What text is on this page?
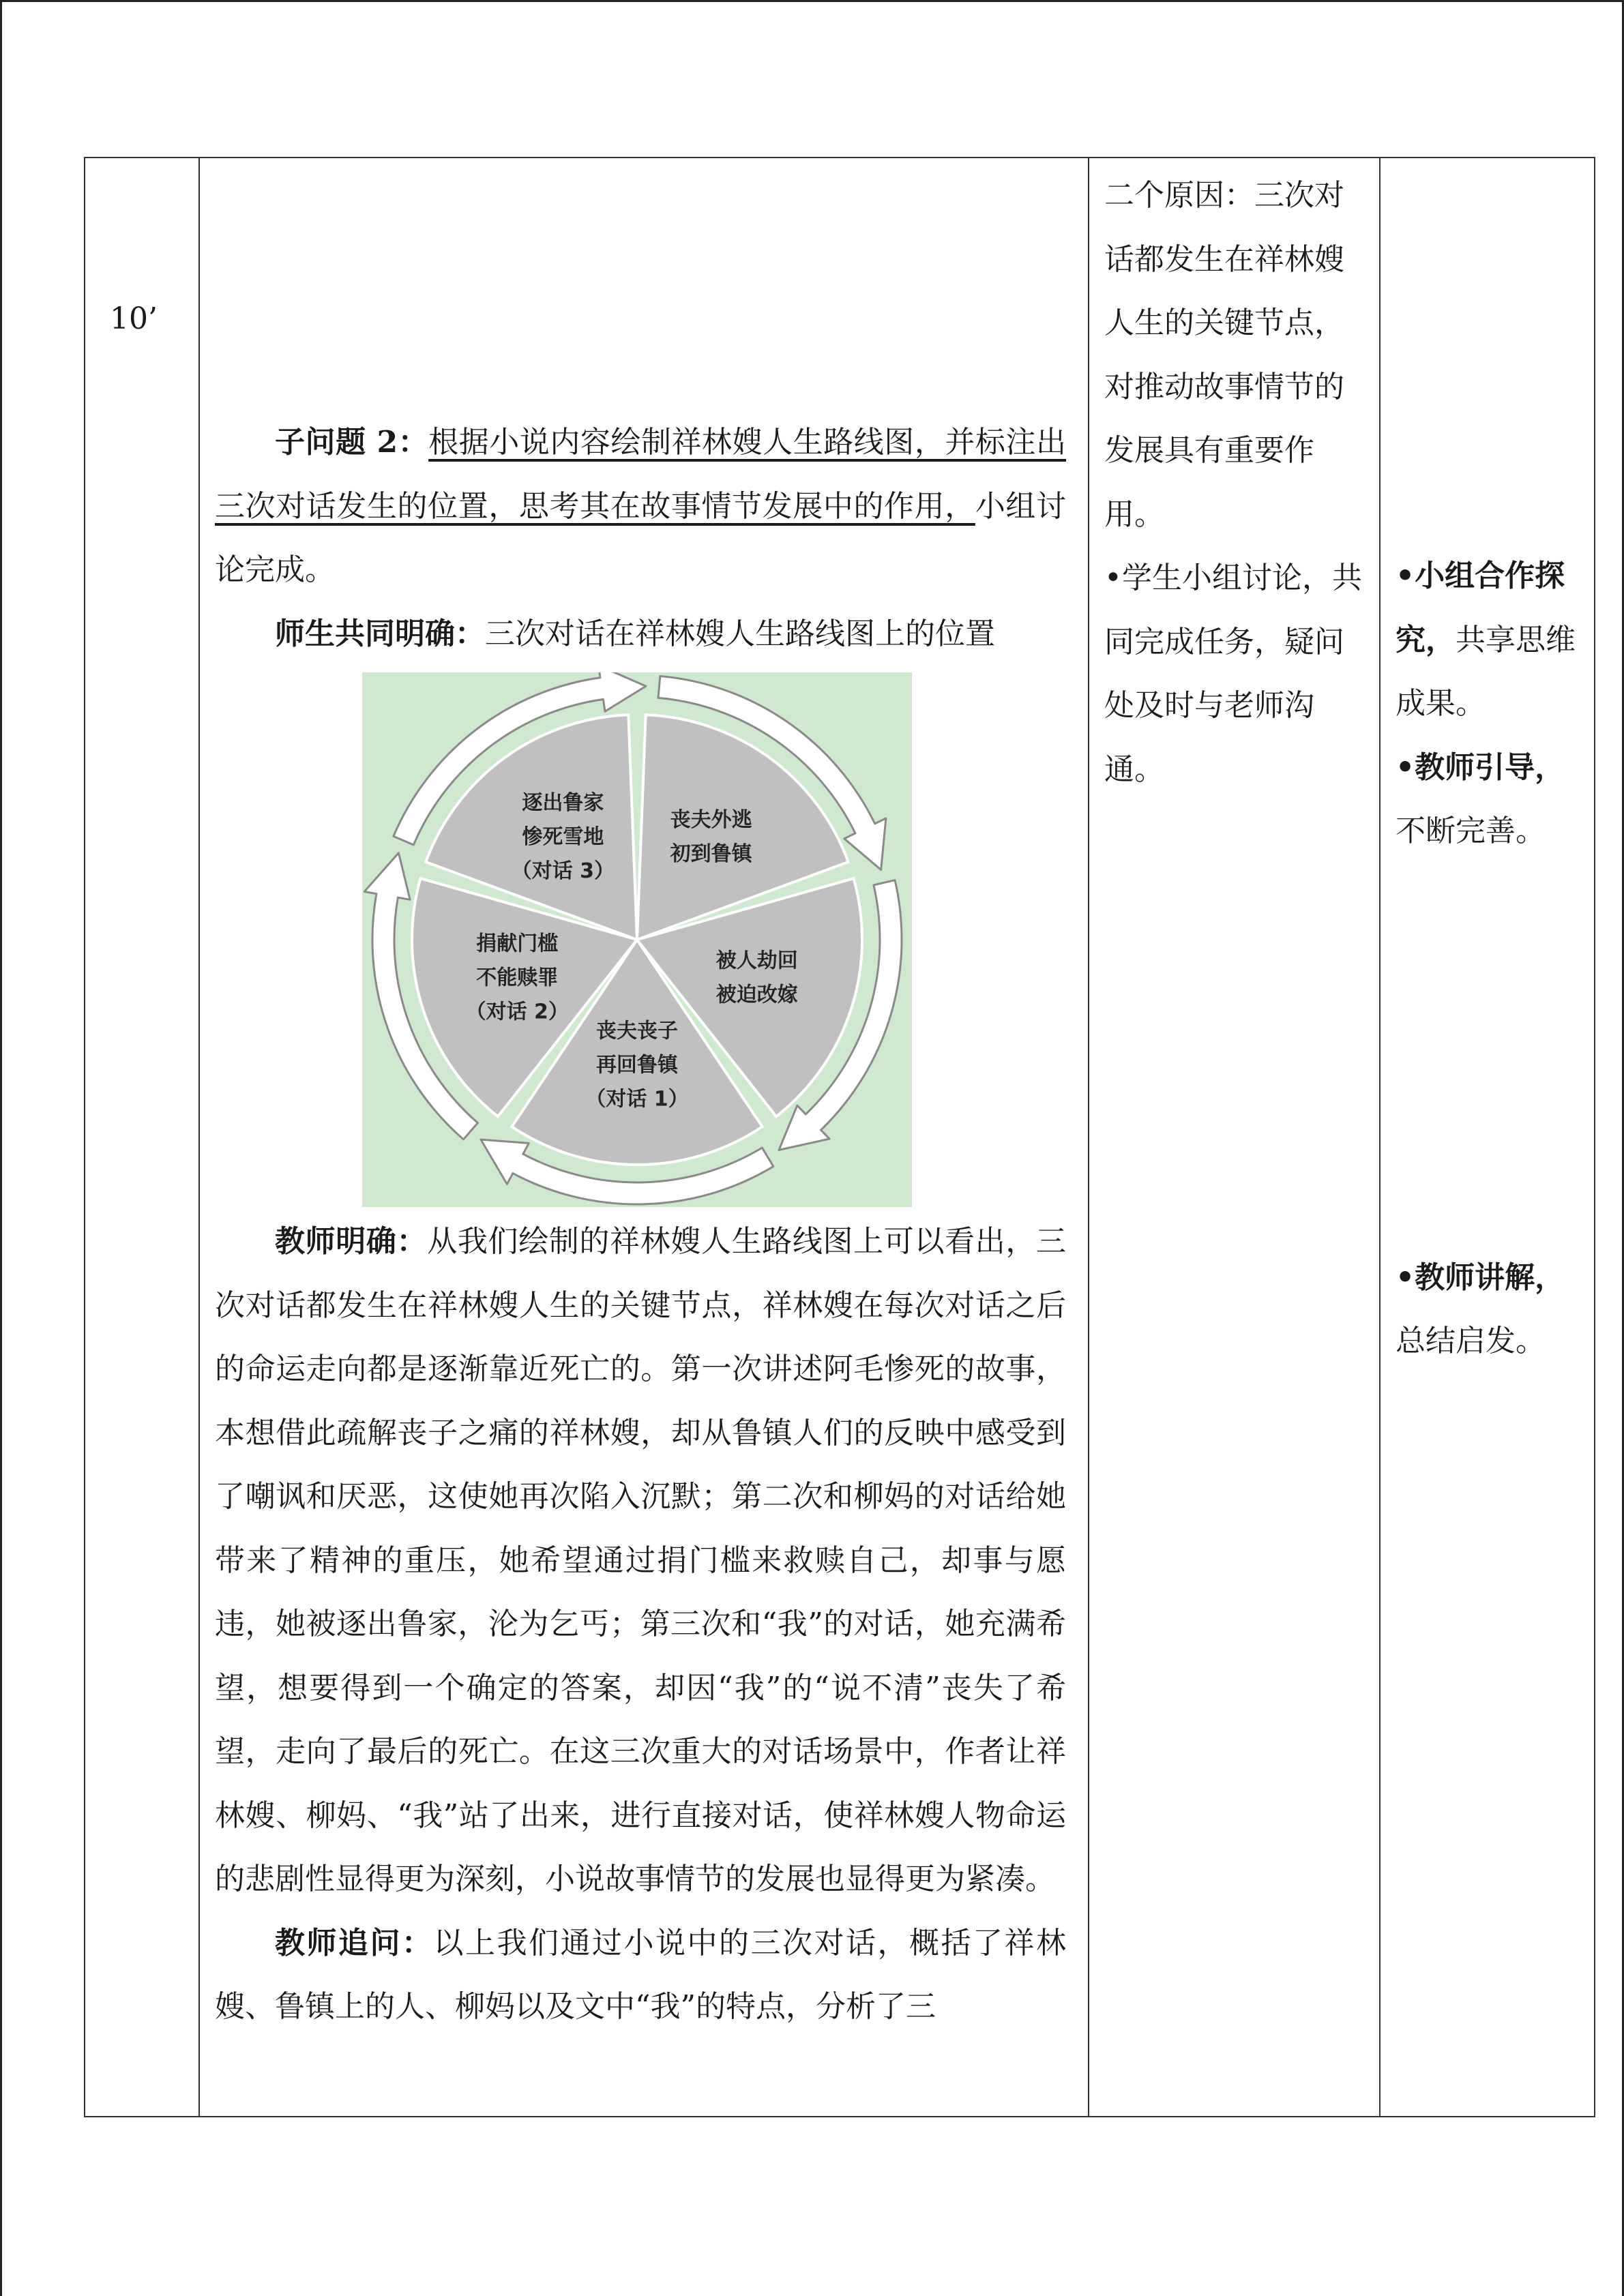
10’

子问题 2：根据小说内容绘制祥林嫂人生路线图，并标注出三次对话发生的位置，思考其在故事情节发展中的作用，小组讨论完成。

师生共同明确：三次对话在祥林嫂人生路线图上的位置

丧夫外逃
初到鲁镇
被人劫回
被迫改嫁
丧夫丧子
再回鲁镇
（对话 1）
捐献门槛
不能赎罪
（对话 2）
逐出鲁家
惨死雪地
（对话 3）

教师明确：从我们绘制的祥林嫂人生路线图上可以看出，三次对话都发生在祥林嫂人生的关键节点，祥林嫂在每次对话之后的命运走向都是逐渐靠近死亡的。第一次讲述阿毛惨死的故事，本想借此疏解丧子之痛的祥林嫂，却从鲁镇人们的反映中感受到了嘲讽和厌恶，这使她再次陷入沉默；第二次和柳妈的对话给她带来了精神的重压，她希望通过捐门槛来救赎自己，却事与愿违，她被逐出鲁家，沦为乞丐；第三次和“我”的对话，她充满希望，想要得到一个确定的答案，却因“我”的“说不清”丧失了希望，走向了最后的死亡。在这三次重大的对话场景中，作者让祥林嫂、柳妈、“我”站了出来，进行直接对话，使祥林嫂人物命运的悲剧性显得更为深刻，小说故事情节的发展也显得更为紧凑。

教师追问：以上我们通过小说中的三次对话，概括了祥林嫂、鲁镇上的人、柳妈以及文中“我”的特点，分析了三

二个原因：三次对话都发生在祥林嫂人生的关键节点，对推动故事情节的发展具有重要作用。
•学生小组讨论，共同完成任务，疑问处及时与老师沟通。

•小组合作探究，共享思维成果。
•教师引导，不断完善。
•教师讲解，总结启发。
